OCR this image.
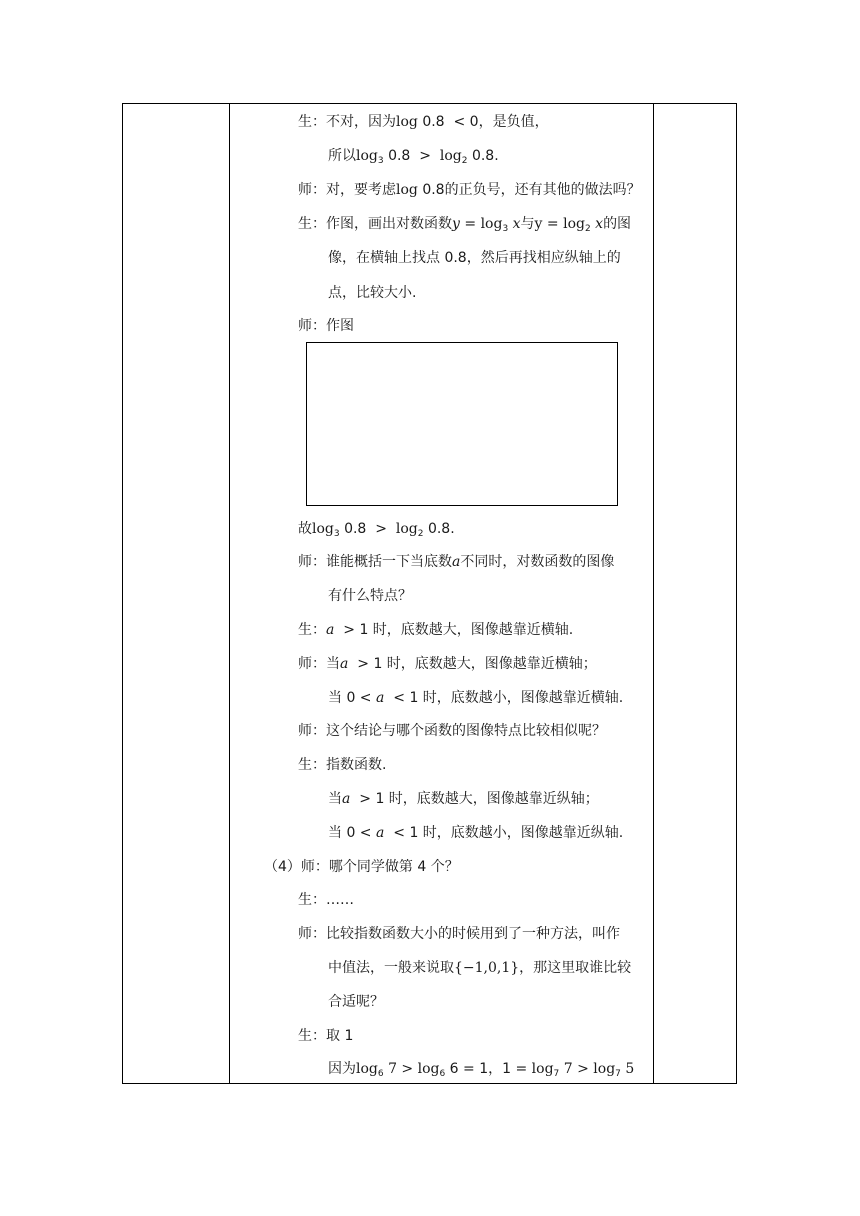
生：不对，因为log 0.8 < 0，是负值，
所以$\log_3 0.8 > \log_2 0.8$.
师：对，要考虑log 0.8的正负号，还有其他的做法吗？
生：作图，画出对数函数$y = \log_3 x$与$y = \log_2 x$的图
像，在横轴上找点 0.8，然后再找相应纵轴上的
点，比较大小.
师：作图
故$\log_3 0.8 > \log_2 0.8$.
师：谁能概括一下当底数a不同时，对数函数的图像
有什么特点？
生：a > 1 时，底数越大，图像越靠近横轴.
师：当a > 1 时，底数越大，图像越靠近横轴；
当 0 < a < 1 时，底数越小，图像越靠近横轴.
师：这个结论与哪个函数的图像特点比较相似呢？
生：指数函数.
当a > 1 时，底数越大，图像越靠近纵轴；
当 0 < a < 1 时，底数越小，图像越靠近纵轴.
（4）师：哪个同学做第 4 个？
生：……
师：比较指数函数大小的时候用到了一种方法，叫作
中值法，一般来说取{−1,0,1}，那这里取谁比较
合适呢？
生：取 1
因为$\log_6 7 > \log_6 6 = 1$，$1 = \log_7 7 > \log_7 5$
